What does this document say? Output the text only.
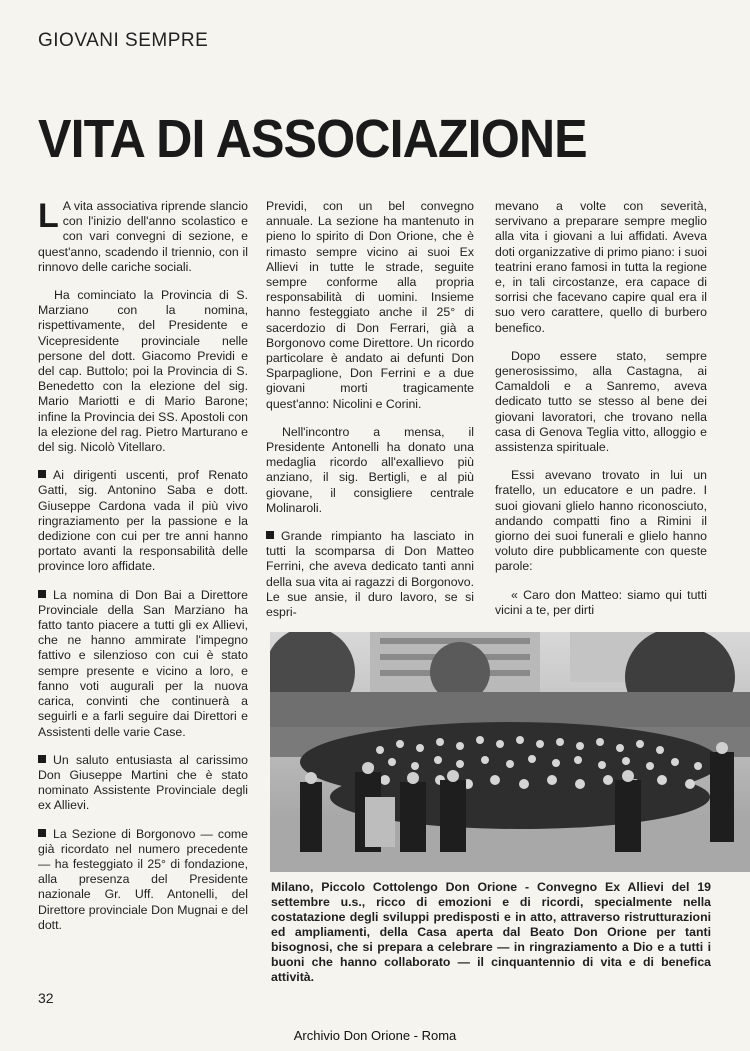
GIOVANI SEMPRE
VITA DI ASSOCIAZIONE

L A vita associativa riprende slancio con l'inizio dell'anno scolastico e con vari convegni di sezione, e quest'anno, scadendo il triennio, con il rinnovo delle cariche sociali.

Ha cominciato la Provincia di S. Marziano con la nomina, rispettivamente, del Presidente e Vicepresidente provinciale nelle persone del dott. Giacomo Previdi e del cap. Buttolo; poi la Provincia di S. Benedetto con la elezione del sig. Mario Mariotti e di Mario Barone; infine la Provincia dei SS. Apostoli con la elezione del rag. Pietro Marturano e del sig. Nicolò Vitellaro.

Ai dirigenti uscenti, prof Renato Gatti, sig. Antonino Saba e dott. Giuseppe Cardona vada il più vivo ringraziamento per la passione e la dedizione con cui per tre anni hanno portato avanti la responsabilità delle province loro affidate.

La nomina di Don Bai a Direttore Provinciale della San Marziano ha fatto tanto piacere a tutti gli ex Allievi, che ne hanno ammirate l'impegno fattivo e silenzioso con cui è stato sempre presente e vicino a loro, e fanno voti augurali per la nuova carica, convinti che continuerà a seguirli e a farli seguire dai Direttori e Assistenti delle varie Case.

Un saluto entusiasta al carissimo Don Giuseppe Martini che è stato nominato Assistente Provinciale degli ex Allievi.

La Sezione di Borgonovo — come già ricordato nel numero precedente — ha festeggiato il 25° di fondazione, alla presenza del Presidente nazionale Gr. Uff. Antonelli, del Direttore provinciale Don Mugnai e del dott.

Previdi, con un bel convegno annuale. La sezione ha mantenuto in pieno lo spirito di Don Orione, che è rimasto sempre vicino ai suoi Ex Allievi in tutte le strade, seguite sempre conforme alla propria responsabilità di uomini. Insieme hanno festeggiato anche il 25° di sacerdozio di Don Ferrari, già a Borgonovo come Direttore. Un ricordo particolare è andato ai defunti Don Sparpaglione, Don Ferrini e a due giovani morti tragicamente quest'anno: Nicolini e Corini.

Nell'incontro a mensa, il Presidente Antonelli ha donato una medaglia ricordo all'exallievo più anziano, il sig. Bertigli, e al più giovane, il consigliere centrale Molinaroli.

Grande rimpianto ha lasciato in tutti la scomparsa di Don Matteo Ferrini, che aveva dedicato tanti anni della sua vita ai ragazzi di Borgonovo. Le sue ansie, il duro lavoro, se si espri-

mevano a volte con severità, servivano a preparare sempre meglio alla vita i giovani a lui affidati. Aveva doti organizzative di primo piano: i suoi teatrini erano famosi in tutta la regione e, in tali circostanze, era capace di sorrisi che facevano capire qual era il suo vero carattere, quello di burbero benefico.

Dopo essere stato, sempre generosissimo, alla Castagna, ai Camaldoli e a Sanremo, aveva dedicato tutto se stesso al bene dei giovani lavoratori, che trovano nella casa di Genova Teglia vitto, alloggio e assistenza spirituale.

Essi avevano trovato in lui un fratello, un educatore e un padre. I suoi giovani glielo hanno riconosciuto, andando compatti fino a Rimini il giorno dei suoi funerali e glielo hanno voluto dire pubblicamente con queste parole:

« Caro don Matteo: siamo qui tutti vicini a te, per dirti

Milano, Piccolo Cottolengo Don Orione - Convegno Ex Allievi del 19 settembre u.s., ricco di emozioni e di ricordi, specialmente nella costatazione degli sviluppi predisposti e in atto, attraverso ristrutturazioni ed ampliamenti, della Casa aperta dal Beato Don Orione per tanti bisognosi, che si prepara a celebrare — in ringraziamento a Dio e a tutti i buoni che hanno collaborato — il cinquantennio di vita e di benefica attività.
32
Archivio Don Orione - Roma
